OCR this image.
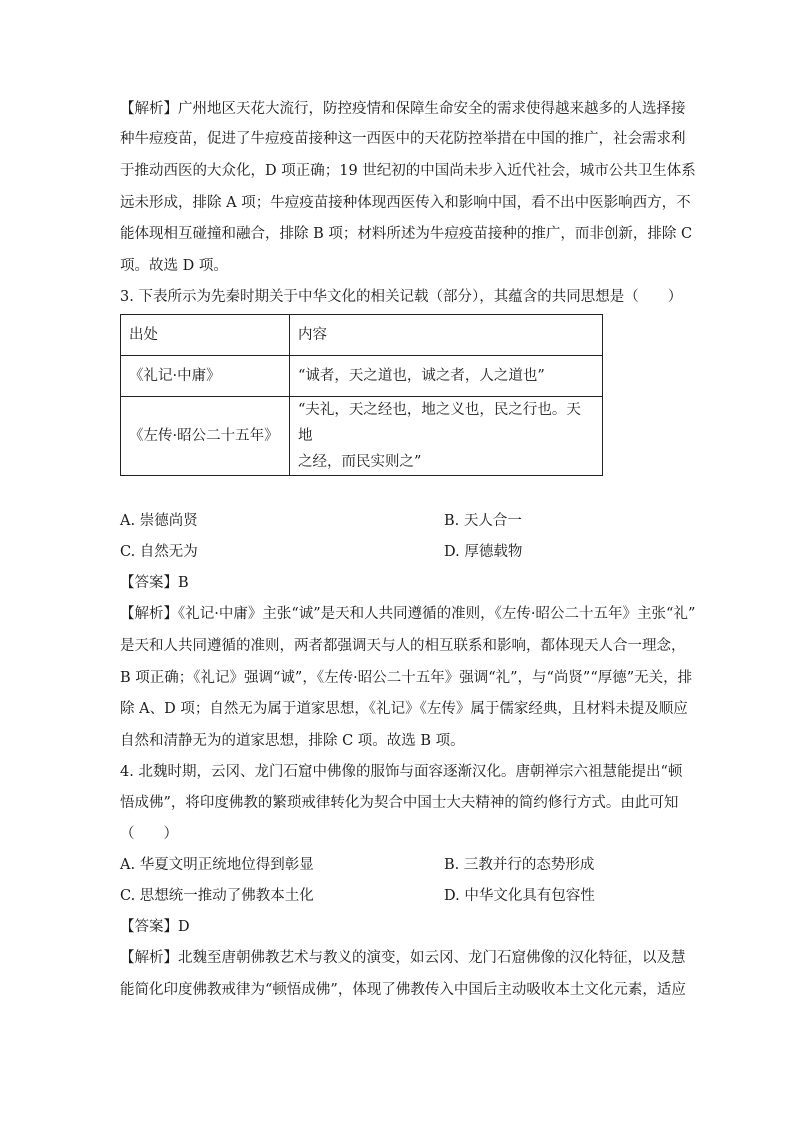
【解析】广州地区天花大流行，防控疫情和保障生命安全的需求使得越来越多的人选择接
种牛痘疫苗，促进了牛痘疫苗接种这一西医中的天花防控举措在中国的推广，社会需求利
于推动西医的大众化，D 项正确；19 世纪初的中国尚未步入近代社会，城市公共卫生体系
远未形成，排除 A 项；牛痘疫苗接种体现西医传入和影响中国，看不出中医影响西方，不
能体现相互碰撞和融合，排除 B 项；材料所述为牛痘疫苗接种的推广，而非创新，排除 C
项。故选 D 项。
3. 下表所示为先秦时期关于中华文化的相关记载（部分），其蕴含的共同思想是（　　）
出处	内容
《礼记·中庸》	“诚者，天之道也，诚之者，人之道也”
《左传·昭公二十五年》	“夫礼，天之经也，地之义也，民之行也。天地
之经，而民实则之”
A. 崇德尚贤	B. 天人合一
C. 自然无为	D. 厚德载物
【答案】B
【解析】《礼记·中庸》主张“诚”是天和人共同遵循的准则，《左传·昭公二十五年》主张“礼”
是天和人共同遵循的准则，两者都强调天与人的相互联系和影响，都体现天人合一理念，
B 项正确；《礼记》强调“诚”，《左传·昭公二十五年》强调“礼”，与“尚贤”“厚德”无关，排
除 A、D 项；自然无为属于道家思想，《礼记》《左传》属于儒家经典，且材料未提及顺应
自然和清静无为的道家思想，排除 C 项。故选 B 项。
4. 北魏时期，云冈、龙门石窟中佛像的服饰与面容逐渐汉化。唐朝禅宗六祖慧能提出“顿
悟成佛”，将印度佛教的繁琐戒律转化为契合中国士大夫精神的简约修行方式。由此可知
（　　）
A. 华夏文明正统地位得到彰显	B. 三教并行的态势形成
C. 思想统一推动了佛教本土化	D. 中华文化具有包容性
【答案】D
【解析】北魏至唐朝佛教艺术与教义的演变，如云冈、龙门石窟佛像的汉化特征，以及慧
能简化印度佛教戒律为“顿悟成佛”，体现了佛教传入中国后主动吸收本土文化元素，适应
